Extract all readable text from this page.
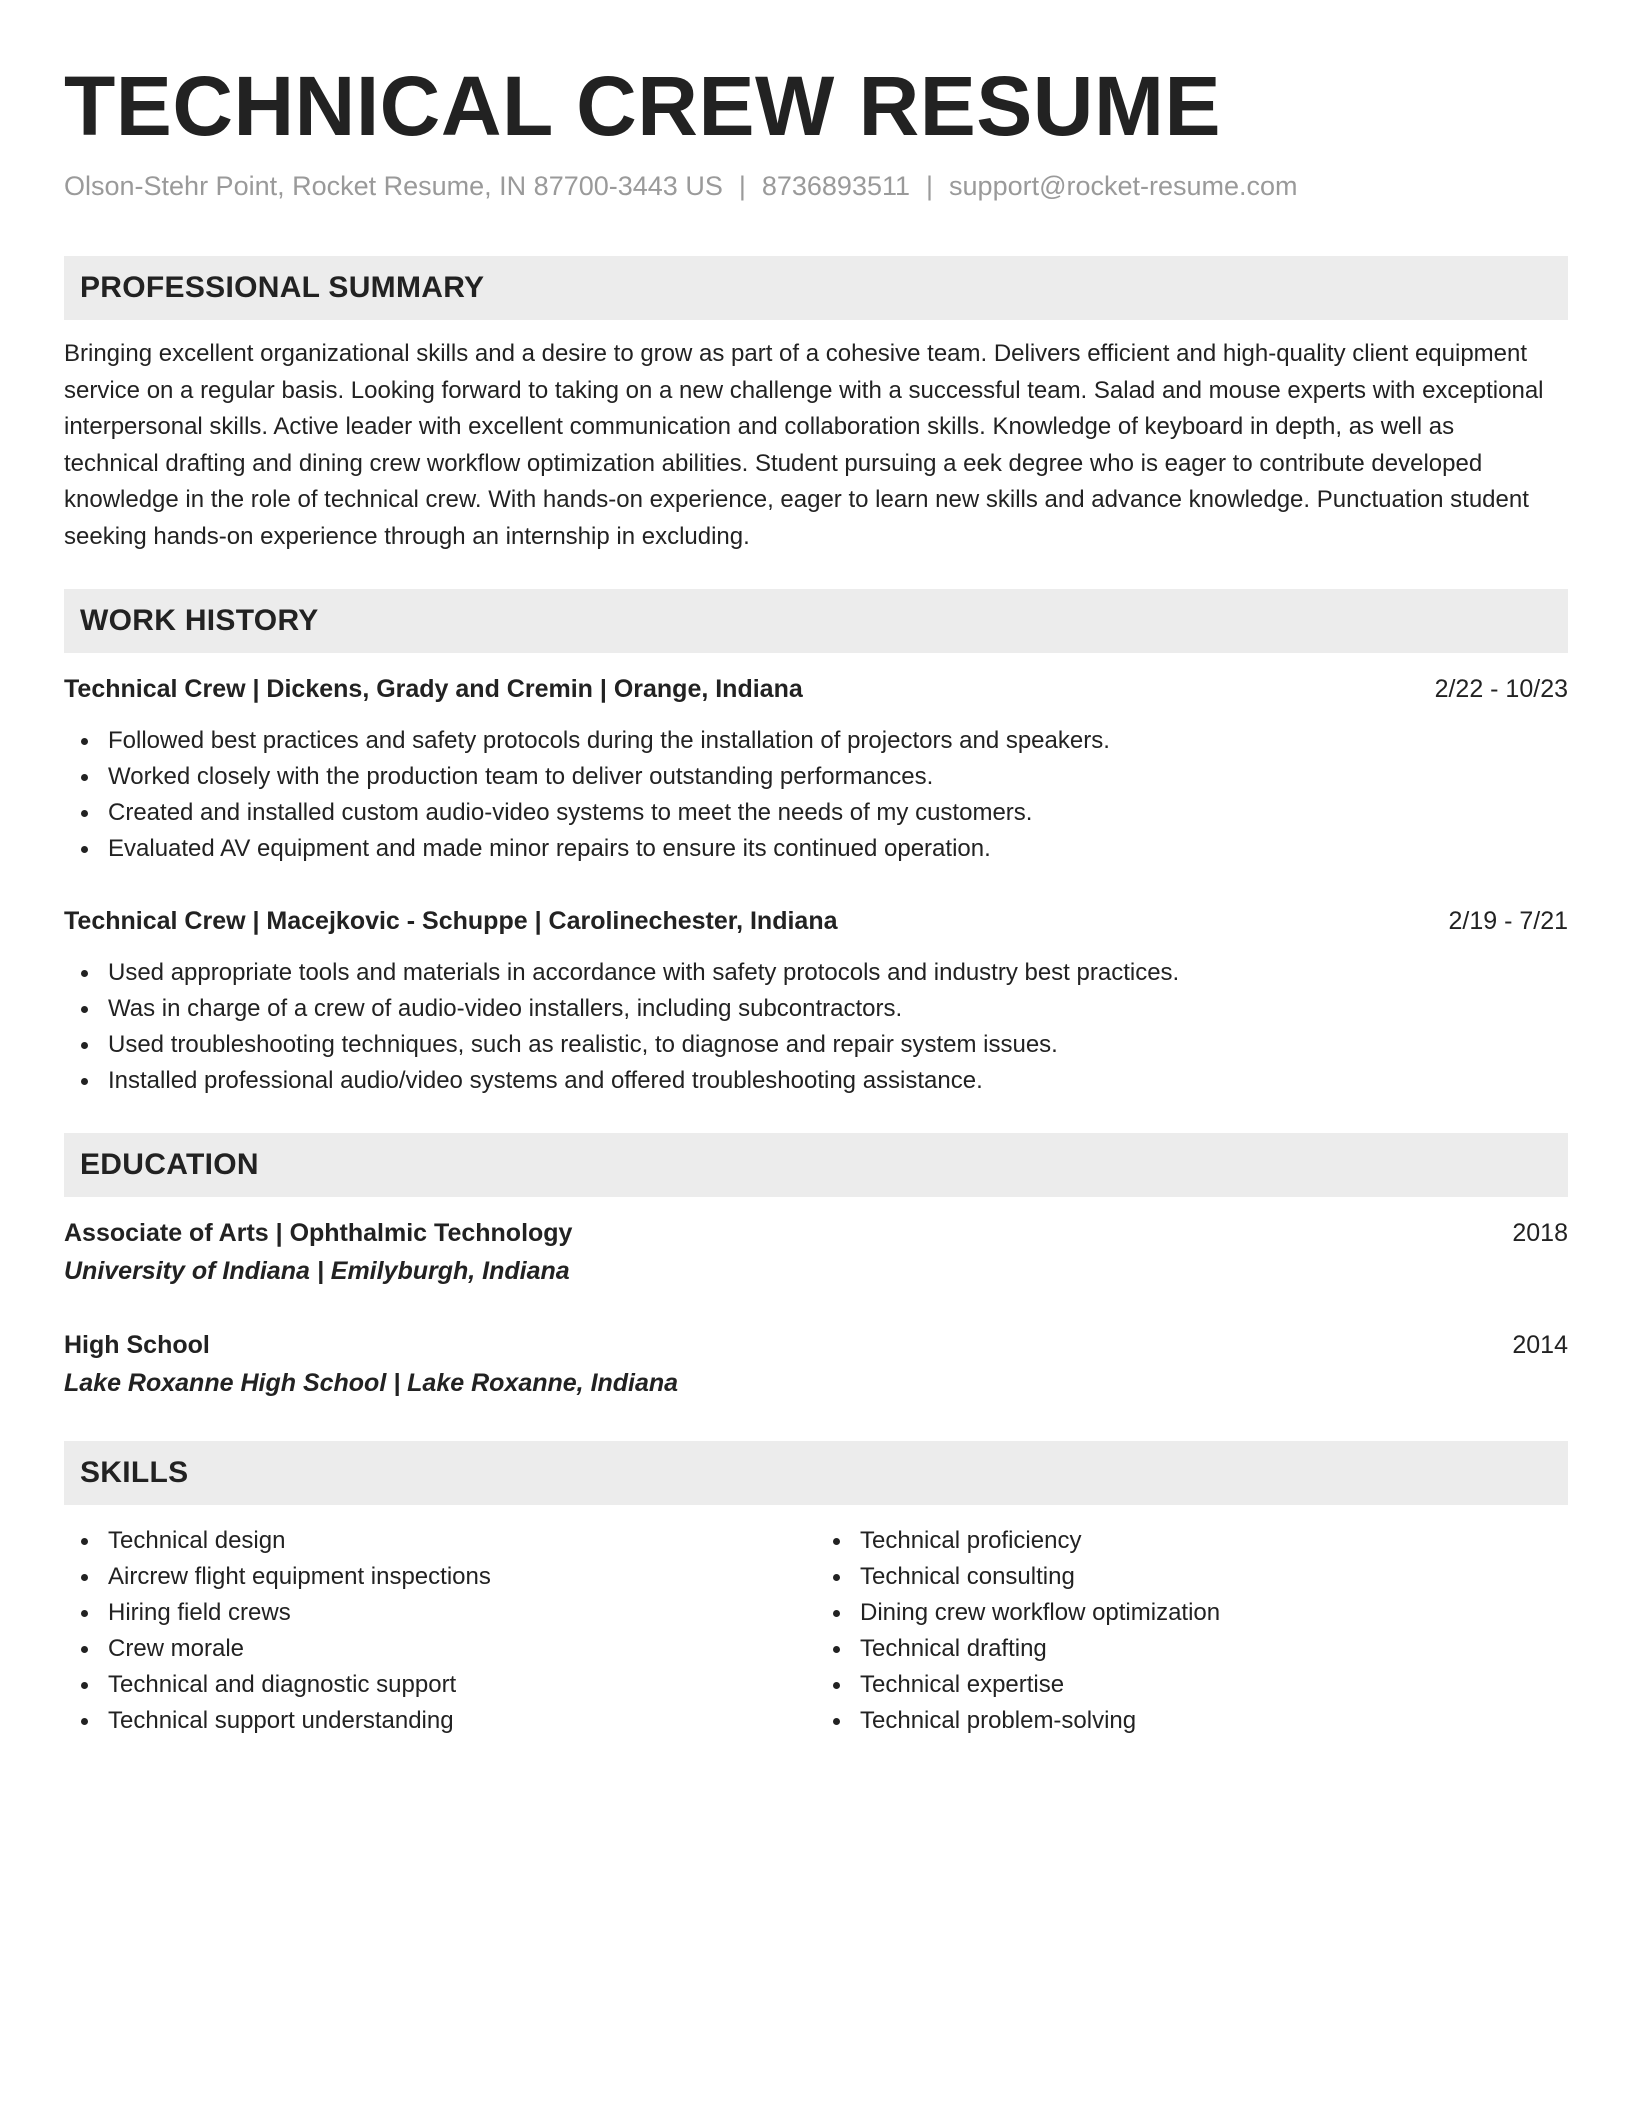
TECHNICAL CREW RESUME
Olson-Stehr Point, Rocket Resume, IN 87700-3443 US | 8736893511 | support@rocket-resume.com
PROFESSIONAL SUMMARY

Bringing excellent organizational skills and a desire to grow as part of a cohesive team. Delivers efficient and high-quality client equipment service on a regular basis. Looking forward to taking on a new challenge with a successful team. Salad and mouse experts with exceptional interpersonal skills. Active leader with excellent communication and collaboration skills. Knowledge of keyboard in depth, as well as technical drafting and dining crew workflow optimization abilities. Student pursuing a eek degree who is eager to contribute developed knowledge in the role of technical crew. With hands-on experience, eager to learn new skills and advance knowledge. Punctuation student seeking hands-on experience through an internship in excluding.

WORK HISTORY
Technical Crew | Dickens, Grady and Cremin | Orange, Indiana	2/22 - 10/23
Followed best practices and safety protocols during the installation of projectors and speakers.
Worked closely with the production team to deliver outstanding performances.
Created and installed custom audio-video systems to meet the needs of my customers.
Evaluated AV equipment and made minor repairs to ensure its continued operation.
Technical Crew | Macejkovic - Schuppe | Carolinechester, Indiana	2/19 - 7/21
Used appropriate tools and materials in accordance with safety protocols and industry best practices.
Was in charge of a crew of audio-video installers, including subcontractors.
Used troubleshooting techniques, such as realistic, to diagnose and repair system issues.
Installed professional audio/video systems and offered troubleshooting assistance.
EDUCATION
Associate of Arts | Ophthalmic Technology	2018
University of Indiana | Emilyburgh, Indiana
High School	2014
Lake Roxanne High School | Lake Roxanne, Indiana
SKILLS
Technical design
Aircrew flight equipment inspections
Hiring field crews
Crew morale
Technical and diagnostic support
Technical support understanding
Technical proficiency
Technical consulting
Dining crew workflow optimization
Technical drafting
Technical expertise
Technical problem-solving
